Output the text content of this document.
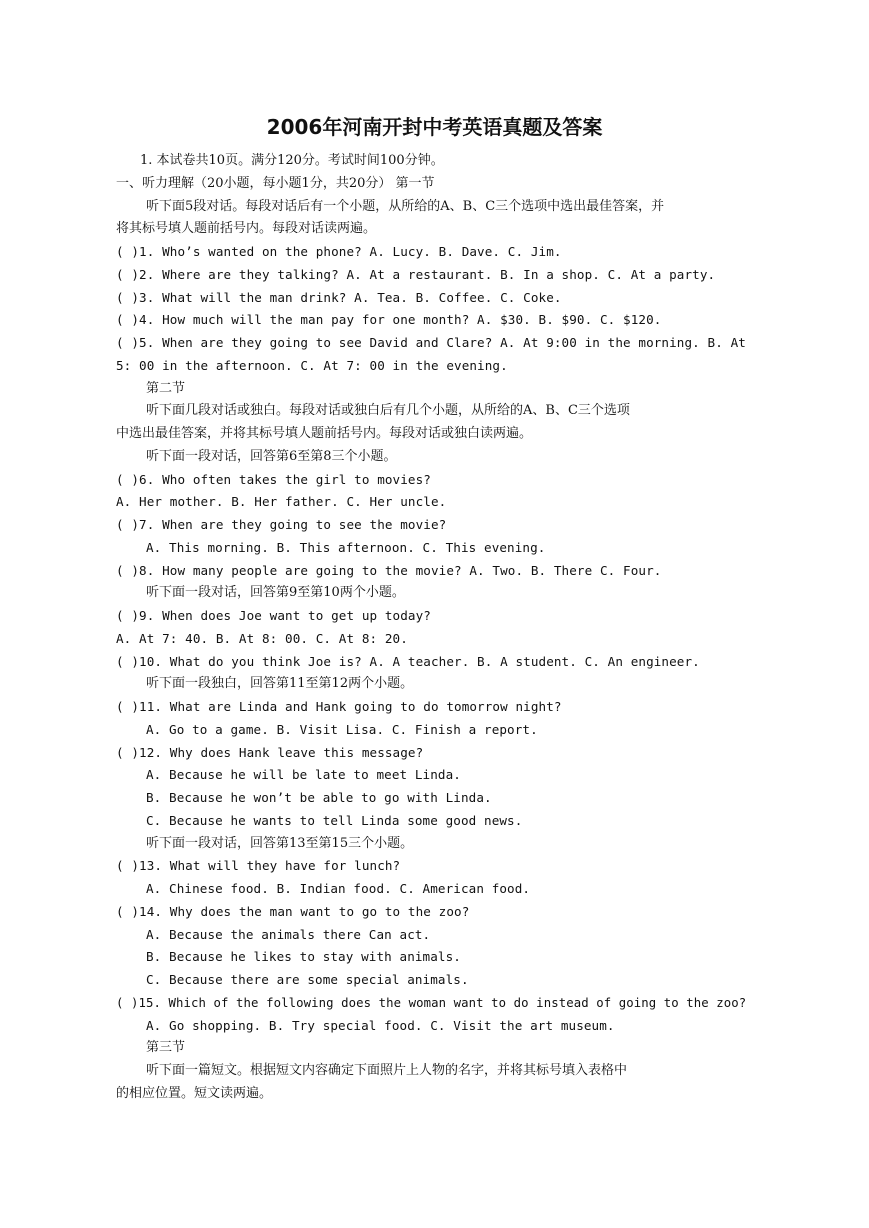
2006年河南开封中考英语真题及答案
1. 本试卷共10页。满分120分。考试时间100分钟。
一、听力理解（20小题，每小题1分，共20分） 第一节
听下面5段对话。每段对话后有一个小题，从所给的A、B、C三个选项中选出最佳答案，并
将其标号填人题前括号内。每段对话读两遍。
( )1. Who’s wanted on the phone? A. Lucy. B. Dave. C. Jim.
( )2. Where are they talking? A. At a restaurant. B. In a shop. C. At a party.
( )3. What will the man drink? A. Tea. B. Coffee. C. Coke.
( )4. How much will the man pay for one month? A. $30. B. $90. C. $120.
( )5. When are they going to see David and Clare? A. At 9:00 in the morning. B. At
5: 00 in the afternoon. C. At 7: 00 in the evening.
第二节
听下面几段对话或独白。每段对话或独白后有几个小题，从所给的A、B、C三个选项
中选出最佳答案，并将其标号填人题前括号内。每段对话或独白读两遍。
听下面一段对话，回答第6至第8三个小题。
( )6. Who often takes the girl to movies?
A. Her mother. B. Her father. C. Her uncle.
( )7. When are they going to see the movie?
A. This morning. B. This afternoon. C. This evening.
( )8. How many people are going to the movie? A. Two. B. There C. Four.
听下面一段对话，回答第9至第10两个小题。
( )9. When does Joe want to get up today?
A. At 7: 40. B. At 8: 00. C. At 8: 20.
( )10. What do you think Joe is? A. A teacher. B. A student. C. An engineer.
听下面一段独白，回答第11至第12两个小题。
( )11. What are Linda and Hank going to do tomorrow night?
A. Go to a game. B. Visit Lisa. C. Finish a report.
( )12. Why does Hank leave this message?
A. Because he will be late to meet Linda.
B. Because he won’t be able to go with Linda.
C. Because he wants to tell Linda some good news.
听下面一段对话，回答第13至第15三个小题。
( )13. What will they have for lunch?
A. Chinese food. B. Indian food. C. American food.
( )14. Why does the man want to go to the zoo?
A. Because the animals there Can act.
B. Because he likes to stay with animals.
C. Because there are some special animals.
( )15. Which of the following does the woman want to do instead of going to the zoo?
A. Go shopping. B. Try special food. C. Visit the art museum.
第三节
听下面一篇短文。根据短文内容确定下面照片上人物的名字，并将其标号填入表格中
的相应位置。短文读两遍。
